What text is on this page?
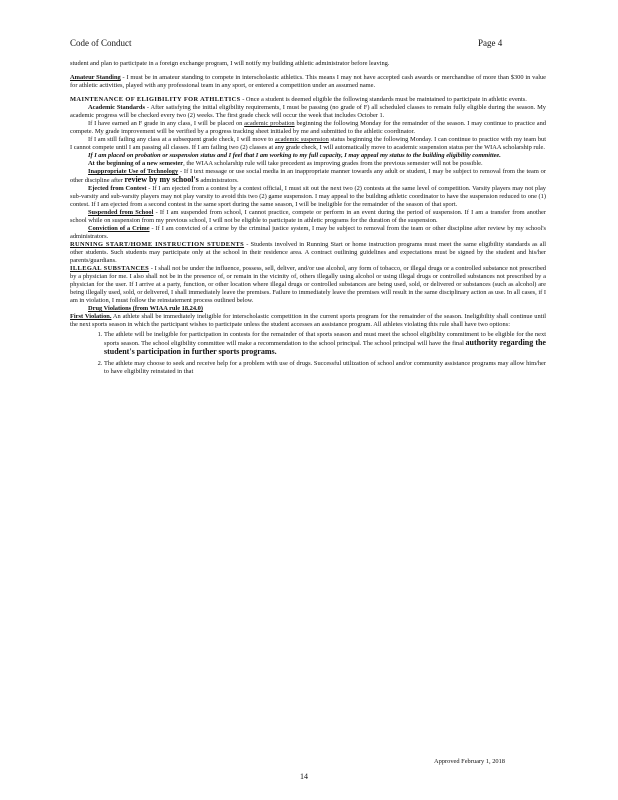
Code of Conduct	Page 4

student and plan to participate in a foreign exchange program, I will notify my building athletic administrator before leaving.

Amateur Standing - I must be in amateur standing to compete in interscholastic athletics. This means I may not have accepted cash awards or merchandise of more than $300 in value for athletic activities, played with any professional team in any sport, or entered a competition under an assumed name.

MAINTENANCE OF ELIGIBILITY FOR ATHLETICS - Once a student is deemed eligible the following standards must be maintained to participate in athletic events.

Academic Standards - After satisfying the initial eligibility requirements, I must be passing (no grade of F) all scheduled classes to remain fully eligible during the season. My academic progress will be checked every two (2) weeks. The first grade check will occur the week that includes October 1.

If I have earned an F grade in any class, I will be placed on academic probation beginning the following Monday for the remainder of the season. I may continue to practice and compete. My grade improvement will be verified by a progress tracking sheet initialed by me and submitted to the athletic coordinator.

If I am still failing any class at a subsequent grade check, I will move to academic suspension status beginning the following Monday. I can continue to practice with my team but I cannot compete until I am passing all classes. If I am failing two (2) classes at any grade check, I will automatically move to academic suspension status per the WIAA scholarship rule.

If I am placed on probation or suspension status and I feel that I am working to my full capacity, I may appeal my status to the building eligibility committee.

At the beginning of a new semester, the WIAA scholarship rule will take precedent as improving grades from the previous semester will not be possible.

Inappropriate Use of Technology - If I text message or use social media in an inappropriate manner towards any adult or student, I may be subject to removal from the team or other discipline after review by my school's administrators.

Ejected from Contest - If I am ejected from a contest by a contest official, I must sit out the next two (2) contests at the same level of competition. Varsity players may not play sub-varsity and sub-varsity players may not play varsity to avoid this two (2) game suspension. I may appeal to the building athletic coordinator to have the suspension reduced to one (1) contest. If I am ejected from a second contest in the same sport during the same season, I will be ineligible for the remainder of the season of that sport.

Suspended from School - If I am suspended from school, I cannot practice, compete or perform in an event during the period of suspension. If I am a transfer from another school while on suspension from my previous school, I will not be eligible to participate in athletic programs for the duration of the suspension.

Conviction of a Crime - If I am convicted of a crime by the criminal justice system, I may be subject to removal from the team or other discipline after review by my school's administrators.

RUNNING START/HOME INSTRUCTION STUDENTS - Students involved in Running Start or home instruction programs must meet the same eligibility standards as all other students. Such students may participate only at the school in their residence area. A contract outlining guidelines and expectations must be signed by the student and his/her parents/guardians.

ILLEGAL SUBSTANCES - I shall not be under the influence, possess, sell, deliver, and/or use alcohol, any form of tobacco, or illegal drugs or a controlled substance not prescribed by a physician for me. I also shall not be in the presence of, or remain in the vicinity of, others illegally using alcohol or using illegal drugs or controlled substances not prescribed by a physician for the user. If I arrive at a party, function, or other location where illegal drugs or controlled substances are being used, sold, or delivered or substances (such as alcohol) are being illegally used, sold, or delivered, I shall immediately leave the premises. Failure to immediately leave the premises will result in the same disciplinary action as use. In all cases, if I am in violation, I must follow the reinstatement process outlined below.

Drug Violations (from WIAA rule 18.24.0)

First Violation. An athlete shall be immediately ineligible for interscholastic competition in the current sports program for the remainder of the season. Ineligibility shall continue until the next sports season in which the participant wishes to participate unless the student accesses an assistance program. All athletes violating this rule shall have two options:

1. The athlete will be ineligible for participation in contests for the remainder of that sports season and must meet the school eligibility commitment to be eligible for the next sports season. The school eligibility committee will make a recommendation to the school principal. The school principal will have the final authority regarding the student's participation in further sports programs.
2. The athlete may choose to seek and receive help for a problem with use of drugs. Successful utilization of school and/or community assistance programs may allow him/her to have eligibility reinstated in that
Approved February 1, 2018
14
